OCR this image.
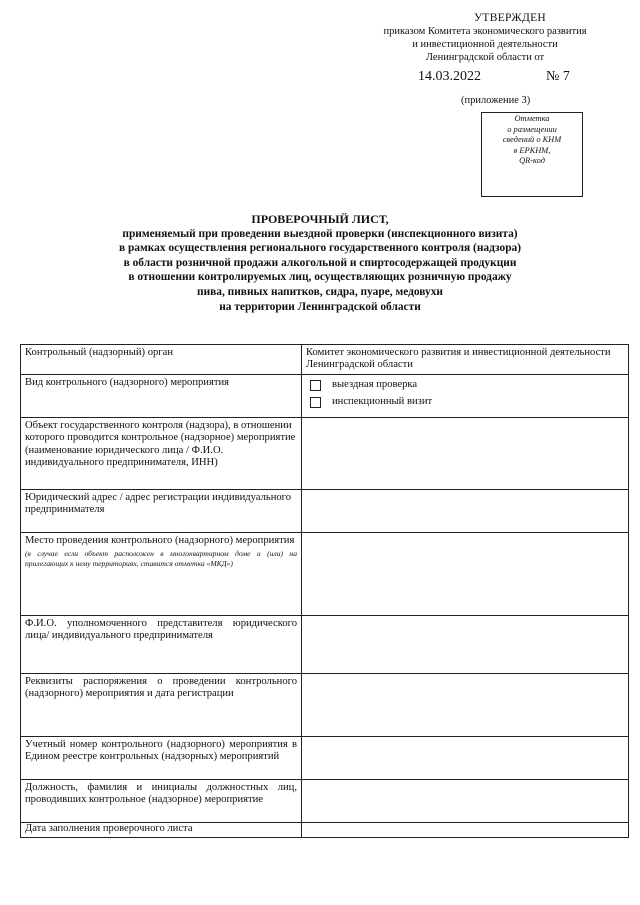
УТВЕРЖДЕН
приказом Комитета экономического развития
и инвестиционной деятельности
Ленинградской области от
14.03.2022	№ 7
(приложение 3)
Отметка
о размещении
сведений о КНМ
в ЕРКНМ,
QR-код
ПРОВЕРОЧНЫЙ ЛИСТ,
применяемый при проведении выездной проверки (инспекционного визита)
в рамках осуществления регионального государственного контроля (надзора)
в области розничной продажи алкогольной и спиртосодержащей продукции
в отношении контролируемых лиц, осуществляющих розничную продажу
пива, пивных напитков, сидра, пуаре, медовухи
на территории Ленинградской области
Контрольный (надзорный) орган	Комитет экономического развития и инвестиционной деятельности Ленинградской области
Вид контрольного (надзорного) мероприятия	выездная проверка
инспекционный визит

Объект государственного контроля (надзора), в отношении которого проводится контрольное (надзорное) мероприятие (наименование юридического лица / Ф.И.О. индивидуального предпринимателя, ИНН)	
Юридический адрес / адрес регистрации индивидуального предпринимателя	

Место проведения контрольного (надзорного) мероприятия
(в случае если объект расположен в многоквартирном доме и (или) на прилегающих к нему территориях, ставится отметка «МКД»)	

Ф.И.О. уполномоченного представителя юридического лица/ индивидуального предпринимателя	
Реквизиты распоряжения о проведении контрольного (надзорного) мероприятия и дата регистрации	
Учетный номер контрольного (надзорного) мероприятия в Едином реестре контрольных (надзорных) мероприятий	
Должность, фамилия и инициалы должностных лиц, проводивших контрольное (надзорное) мероприятие	
Дата заполнения проверочного листа	
